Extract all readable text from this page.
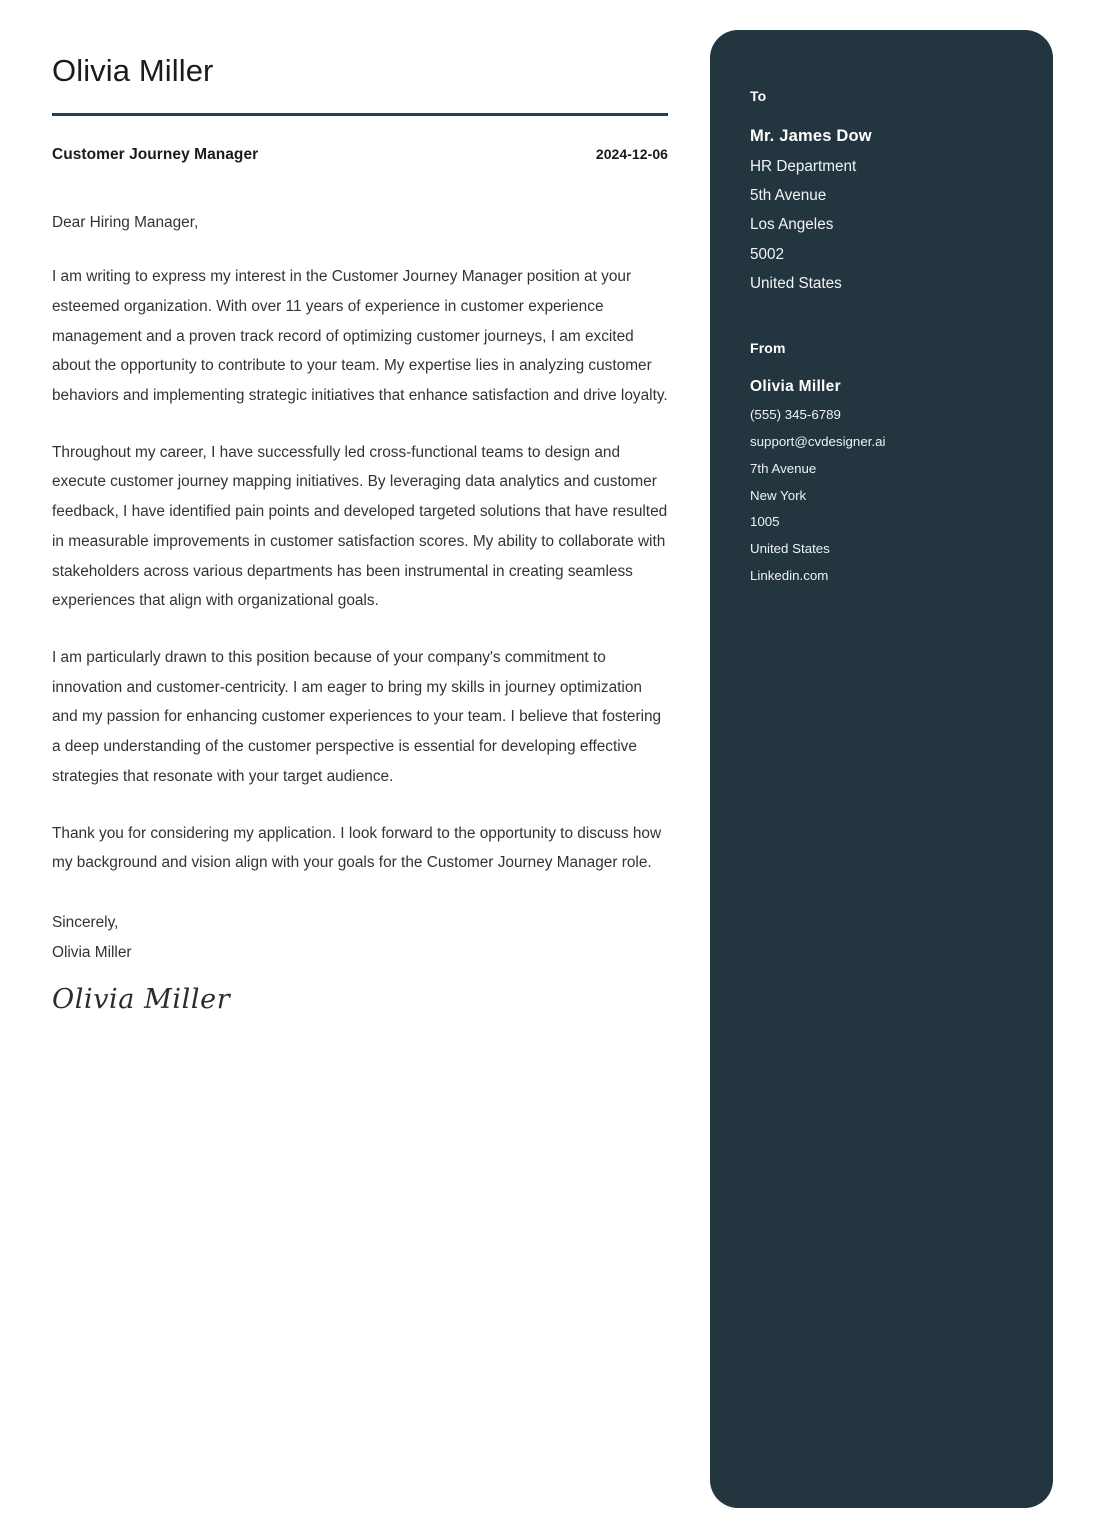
Olivia Miller
Customer Journey Manager	2024-12-06

Dear Hiring Manager,

I am writing to express my interest in the Customer Journey Manager position at your esteemed organization. With over 11 years of experience in customer experience management and a proven track record of optimizing customer journeys, I am excited about the opportunity to contribute to your team. My expertise lies in analyzing customer behaviors and implementing strategic initiatives that enhance satisfaction and drive loyalty.

Throughout my career, I have successfully led cross-functional teams to design and execute customer journey mapping initiatives. By leveraging data analytics and customer feedback, I have identified pain points and developed targeted solutions that have resulted in measurable improvements in customer satisfaction scores. My ability to collaborate with stakeholders across various departments has been instrumental in creating seamless experiences that align with organizational goals.

I am particularly drawn to this position because of your company's commitment to innovation and customer-centricity. I am eager to bring my skills in journey optimization and my passion for enhancing customer experiences to your team. I believe that fostering a deep understanding of the customer perspective is essential for developing effective strategies that resonate with your target audience.

Thank you for considering my application. I look forward to the opportunity to discuss how my background and vision align with your goals for the Customer Journey Manager role.

Sincerely,
Olivia Miller
Olivia Miller
To
Mr. James Dow
HR Department
5th Avenue
Los Angeles
5002
United States
From
Olivia Miller
(555) 345-6789
support@cvdesigner.ai
7th Avenue
New York
1005
United States
Linkedin.com
